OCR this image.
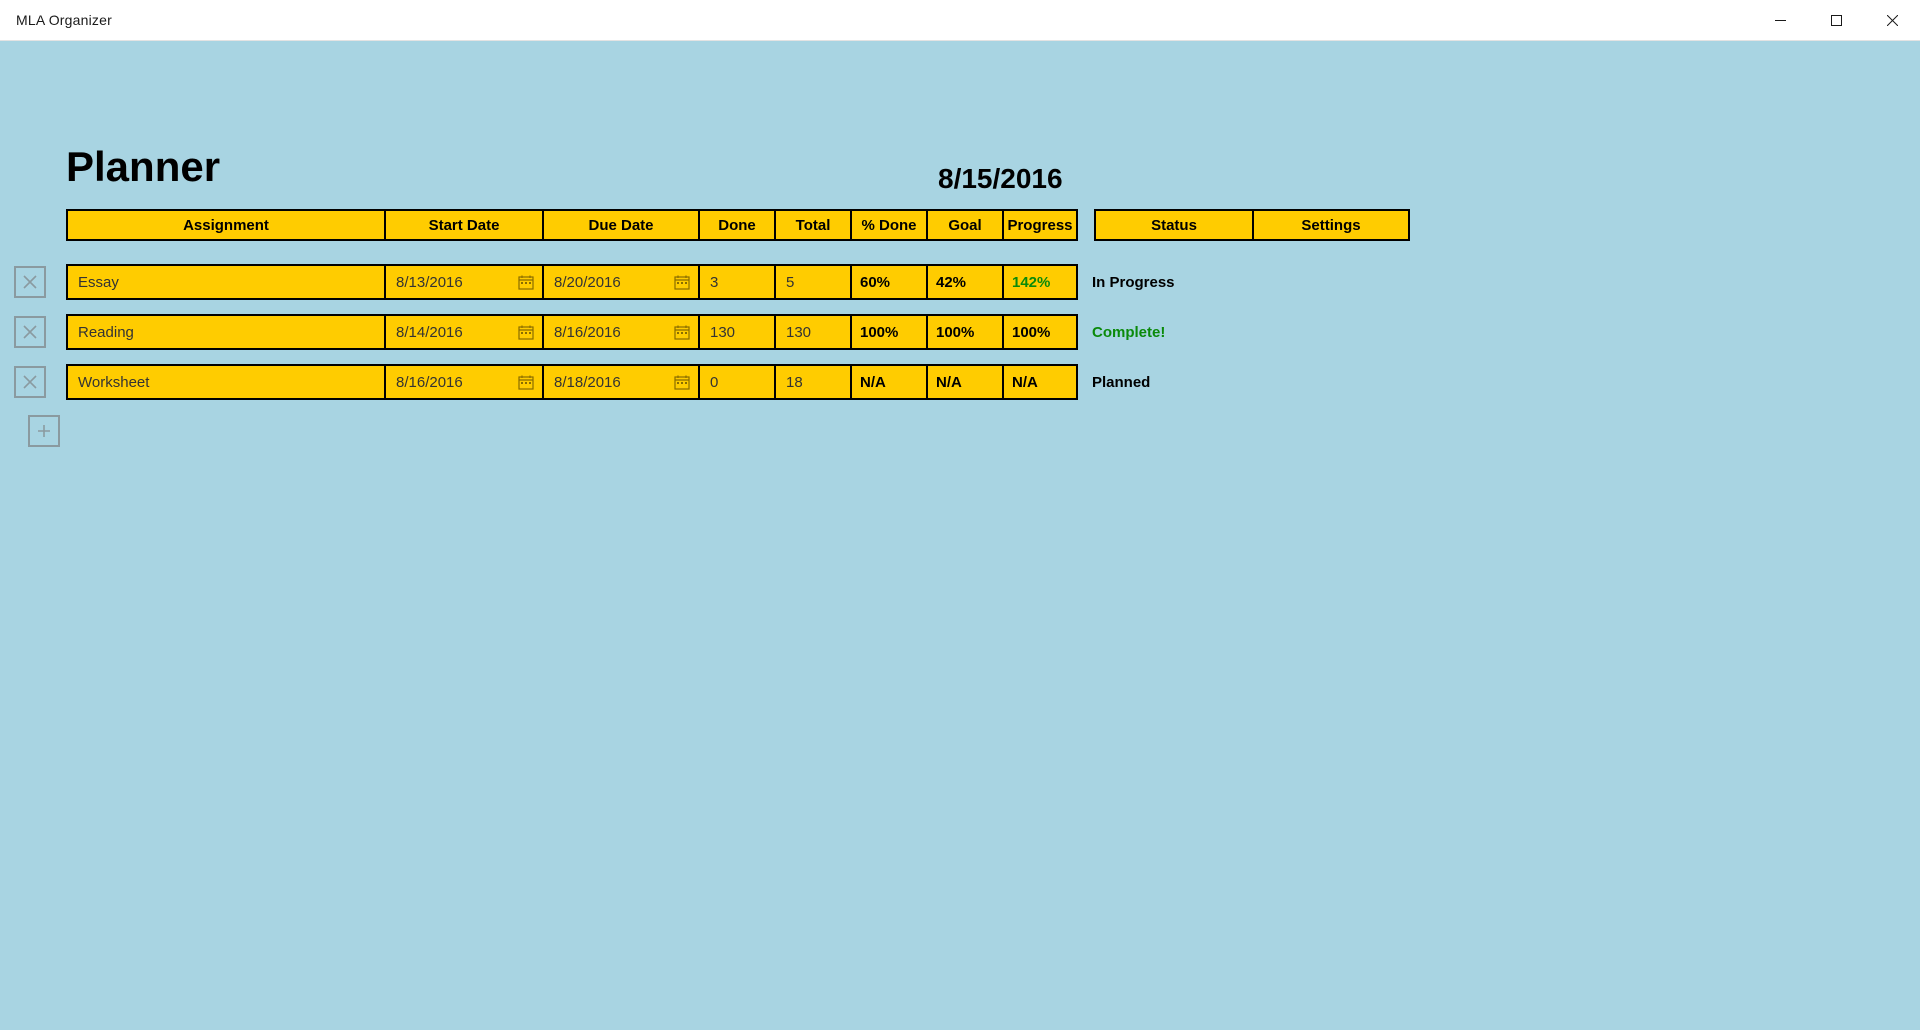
MLA Organizer
Planner	8/15/2016
Assignment	Start Date	Due Date	Done	Total	% Done	Goal	Progress	Status	Settings
Essay	8/13/2016	8/20/2016	3	5	60%	42%	142%	In Progress
Reading	8/14/2016	8/16/2016	130	130	100%	100%	100%	Complete!
Worksheet	8/16/2016	8/18/2016	0	18	N/A	N/A	N/A	Planned
